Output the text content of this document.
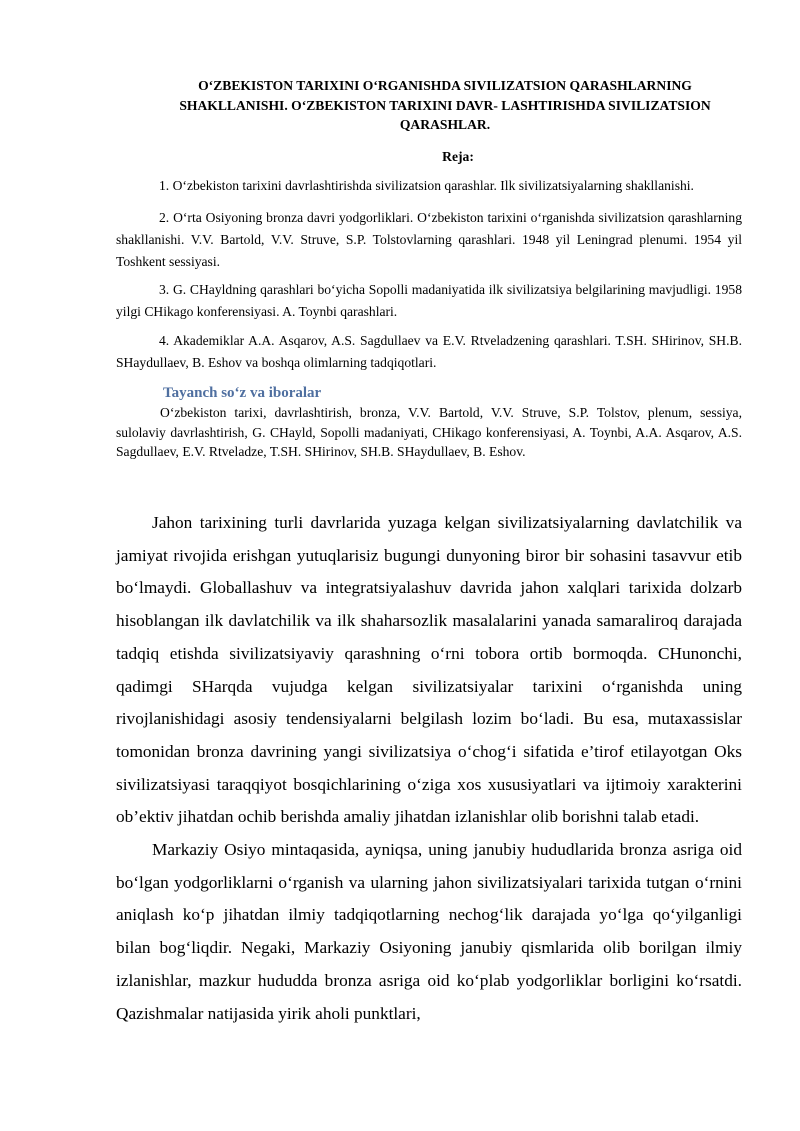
O‘ZBEKISTON TARIXINI O‘RGANISHDA SIVILIZATSION QARASHLARNING SHAKLLANISHI. O‘ZBEKISTON TARIXINI DAVR- LASHTIRISHDA SIVILIZATSION QARASHLAR.
Reja:

1. O‘zbekiston tarixini davrlashtirishda sivilizatsion qarashlar. Ilk sivilizatsiyalarning shakllanishi.

2. O‘rta Osiyoning bronza davri yodgorliklari. O‘zbekiston tarixini o‘rganishda sivilizatsion qarashlarning shakllanishi. V.V. Bartold, V.V. Struve, S.P. Tolstovlarning qarashlari. 1948 yil Leningrad plenumi. 1954 yil Toshkent sessiyasi.

3. G. CHayldning qarashlari bo‘yicha Sopolli madaniyatida ilk sivilizatsiya belgilarining mavjudligi. 1958 yilgi CHikago konferensiyasi. A. Toynbi qarashlari.

4. Akademiklar A.A. Asqarov, A.S. Sagdullaev va E.V. Rtveladzening qarashlari. T.SH. SHirinov, SH.B. SHaydullaev, B. Eshov va boshqa olimlarning tadqiqotlari.

Tayanch so‘z va iboralar

O‘zbekiston tarixi, davrlashtirish, bronza, V.V. Bartold, V.V. Struve, S.P. Tolstov, plenum, sessiya, sulolaviy davrlashtirish, G. CHayld, Sopolli madaniyati, CHikago konferensiyasi, A. Toynbi, A.A. Asqarov, A.S. Sagdullaev, E.V. Rtveladze, T.SH. SHirinov, SH.B. SHaydullaev, B. Eshov.

Jahon tarixining turli davrlarida yuzaga kelgan sivilizatsiyalarning davlatchilik va jamiyat rivojida erishgan yutuqlarisiz bugungi dunyoning biror bir sohasini tasavvur etib bo‘lmaydi. Globallashuv va integratsiyalashuv davrida jahon xalqlari tarixida dolzarb hisoblangan ilk davlatchilik va ilk shaharsozlik masalalarini yanada samaraliroq darajada tadqiq etishda sivilizatsiyaviy qarashning o‘rni tobora ortib bormoqda. CHunonchi, qadimgi SHarqda vujudga kelgan sivilizatsiyalar tarixini o‘rganishda uning rivojlanishidagi asosiy tendensiyalarni belgilash lozim bo‘ladi. Bu esa, mutaxassislar tomonidan bronza davrining yangi sivilizatsiya o‘chog‘i sifatida e’tirof etilayotgan Oks sivilizatsiyasi taraqqiyot bosqichlarining o‘ziga xos xususiyatlari va ijtimoiy xarakterini ob’ektiv jihatdan ochib berishda amaliy jihatdan izlanishlar olib borishni talab etadi.

Markaziy Osiyo mintaqasida, ayniqsa, uning janubiy hududlarida bronza asriga oid bo‘lgan yodgorliklarni o‘rganish va ularning jahon sivilizatsiyalari tarixida tutgan o‘rnini aniqlash ko‘p jihatdan ilmiy tadqiqotlarning nechog‘lik darajada yo‘lga qo‘yilganligi bilan bog‘liqdir. Negaki, Markaziy Osiyoning janubiy qismlarida olib borilgan ilmiy izlanishlar, mazkur hududda bronza asriga oid ko‘plab yodgorliklar borligini ko‘rsatdi. Qazishmalar natijasida yirik aholi punktlari,
